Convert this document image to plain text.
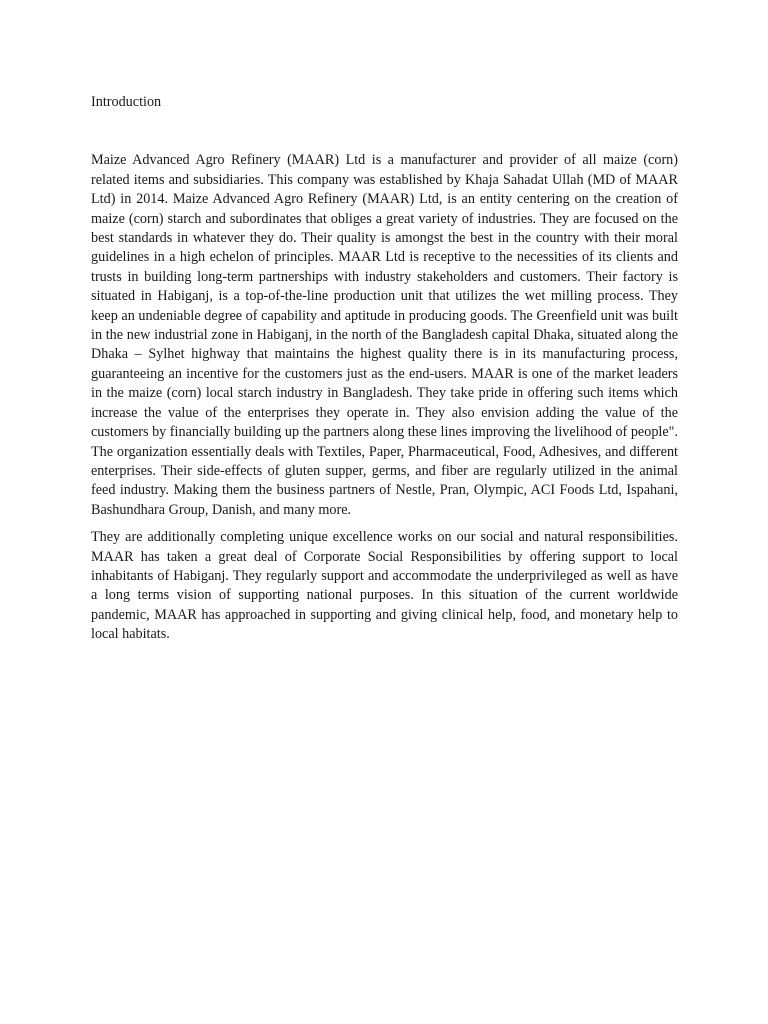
Introduction

Maize Advanced Agro Refinery (MAAR) Ltd is a manufacturer and provider of all maize (corn) related items and subsidiaries. This company was established by Khaja Sahadat Ullah (MD of MAAR Ltd) in 2014. Maize Advanced Agro Refinery (MAAR) Ltd, is an entity centering on the creation of maize (corn) starch and subordinates that obliges a great variety of industries. They are focused on the best standards in whatever they do. Their quality is amongst the best in the country with their moral guidelines in a high echelon of principles. MAAR Ltd is receptive to the necessities of its clients and trusts in building long-term partnerships with industry stakeholders and customers. Their factory is situated in Habiganj, is a top-of-the-line production unit that utilizes the wet milling process. They keep an undeniable degree of capability and aptitude in producing goods. The Greenfield unit was built in the new industrial zone in Habiganj, in the north of the Bangladesh capital Dhaka, situated along the Dhaka – Sylhet highway that maintains the highest quality there is in its manufacturing process, guaranteeing an incentive for the customers just as the end-users. MAAR is one of the market leaders in the maize (corn) local starch industry in Bangladesh. They take pride in offering such items which increase the value of the enterprises they operate in. They also envision adding the value of the customers by financially building up the partners along these lines improving the livelihood of people". The organization essentially deals with Textiles, Paper, Pharmaceutical, Food, Adhesives, and different enterprises. Their side-effects of gluten supper, germs, and fiber are regularly utilized in the animal feed industry. Making them the business partners of Nestle, Pran, Olympic, ACI Foods Ltd, Ispahani, Bashundhara Group, Danish, and many more.

They are additionally completing unique excellence works on our social and natural responsibilities. MAAR has taken a great deal of Corporate Social Responsibilities by offering support to local inhabitants of Habiganj. They regularly support and accommodate the underprivileged as well as have a long terms vision of supporting national purposes. In this situation of the current worldwide pandemic, MAAR has approached in supporting and giving clinical help, food, and monetary help to local habitats.
